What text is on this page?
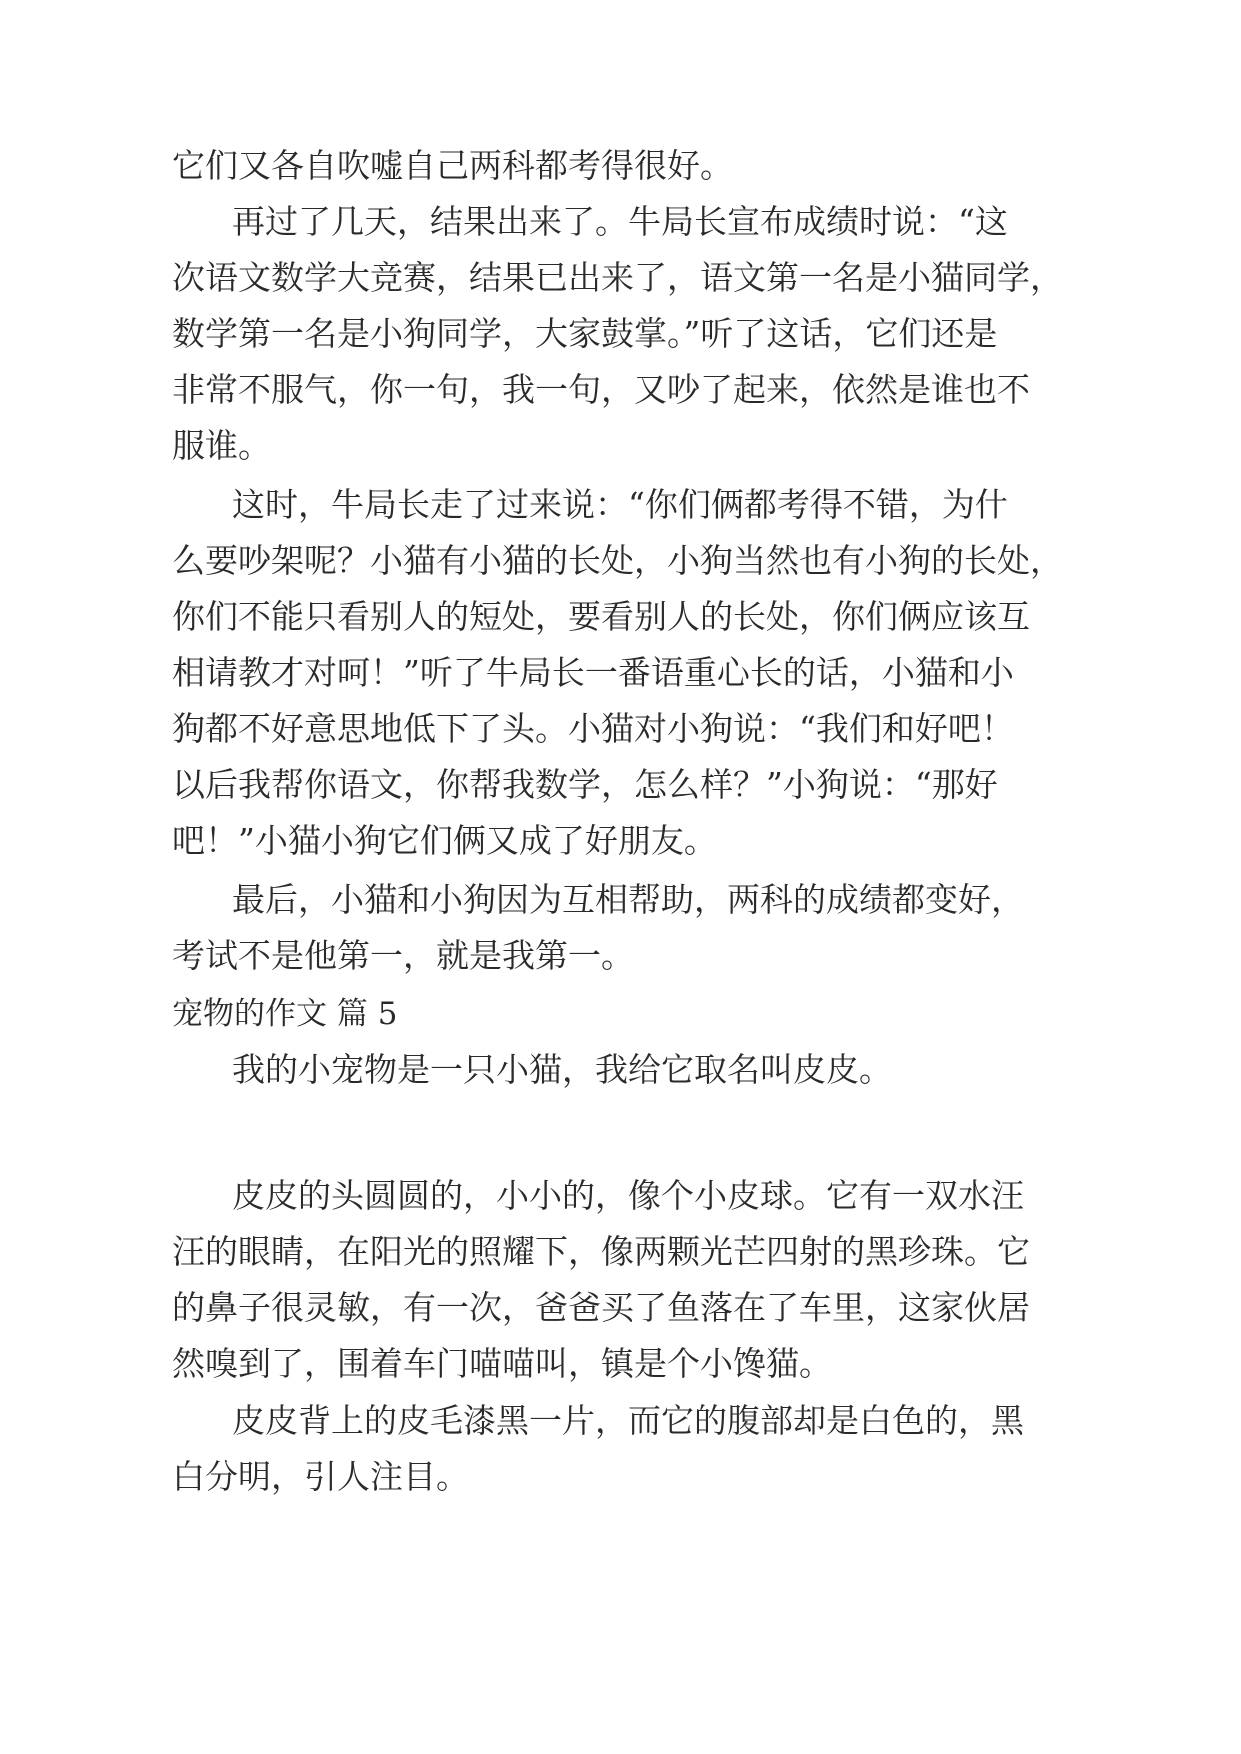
它们又各自吹嘘自己两科都考得很好。
再过了几天，结果出来了。牛局长宣布成绩时说：“这
次语文数学大竞赛，结果已出来了，语文第一名是小猫同学，
数学第一名是小狗同学，大家鼓掌。”听了这话，它们还是
非常不服气，你一句，我一句，又吵了起来，依然是谁也不
服谁。
这时，牛局长走了过来说：“你们俩都考得不错，为什
么要吵架呢？小猫有小猫的长处，小狗当然也有小狗的长处，
你们不能只看别人的短处，要看别人的长处，你们俩应该互
相请教才对呵！”听了牛局长一番语重心长的话，小猫和小
狗都不好意思地低下了头。小猫对小狗说：“我们和好吧！
以后我帮你语文，你帮我数学，怎么样？”小狗说：“那好
吧！”小猫小狗它们俩又成了好朋友。
最后，小猫和小狗因为互相帮助，两科的成绩都变好，
考试不是他第一，就是我第一。
宠物的作文 篇 5
我的小宠物是一只小猫，我给它取名叫皮皮。
皮皮的头圆圆的，小小的，像个小皮球。它有一双水汪
汪的眼睛，在阳光的照耀下，像两颗光芒四射的黑珍珠。它
的鼻子很灵敏，有一次，爸爸买了鱼落在了车里，这家伙居
然嗅到了，围着车门喵喵叫，镇是个小馋猫。
皮皮背上的皮毛漆黑一片，而它的腹部却是白色的，黑
白分明，引人注目。
